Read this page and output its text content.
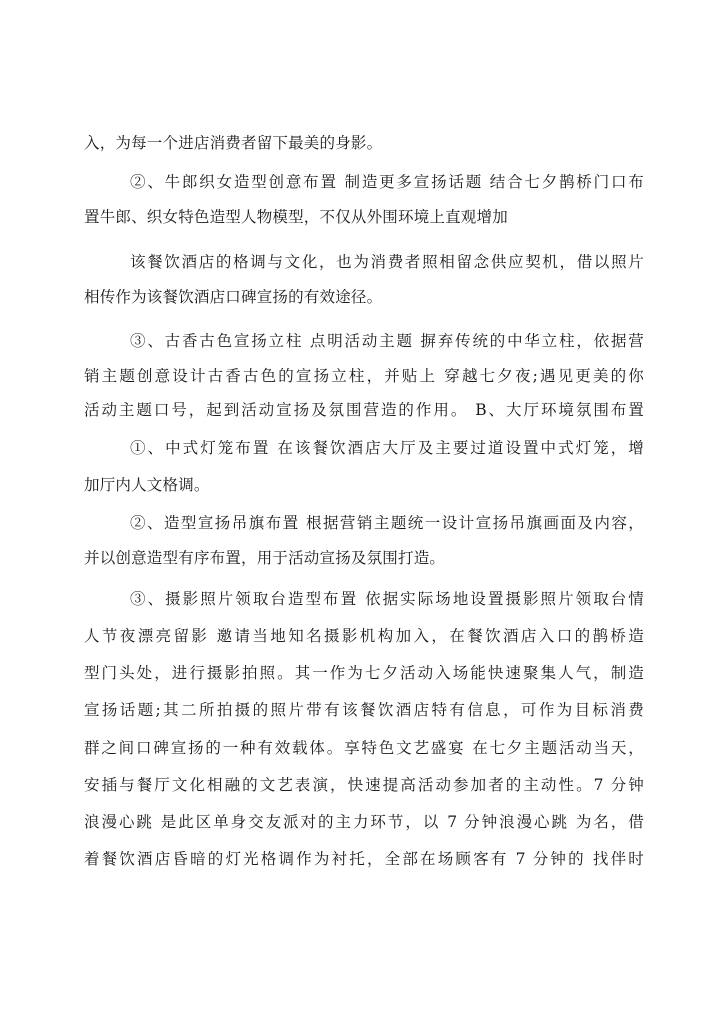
入，为每一个进店消费者留下最美的身影。
②、牛郎织女造型创意布置 制造更多宣扬话题 结合七夕鹊桥门口布
置牛郎、织女特色造型人物模型，不仅从外围环境上直观增加
该餐饮酒店的格调与文化，也为消费者照相留念供应契机，借以照片
相传作为该餐饮酒店口碑宣扬的有效途径。
③、古香古色宣扬立柱 点明活动主题 摒弃传统的中华立柱，依据营
销主题创意设计古香古色的宣扬立柱，并贴上 穿越七夕夜;遇见更美的你
活动主题口号，起到活动宣扬及氛围营造的作用。 B、大厅环境氛围布置
①、中式灯笼布置 在该餐饮酒店大厅及主要过道设置中式灯笼，增
加厅内人文格调。
②、造型宣扬吊旗布置 根据营销主题统一设计宣扬吊旗画面及内容，
并以创意造型有序布置，用于活动宣扬及氛围打造。
③、摄影照片领取台造型布置 依据实际场地设置摄影照片领取台情
人节夜漂亮留影 邀请当地知名摄影机构加入，在餐饮酒店入口的鹊桥造
型门头处，进行摄影拍照。其一作为七夕活动入场能快速聚集人气，制造
宣扬话题;其二所拍摄的照片带有该餐饮酒店特有信息，可作为目标消费
群之间口碑宣扬的一种有效载体。享特色文艺盛宴 在七夕主题活动当天，
安插与餐厅文化相融的文艺表演，快速提高活动参加者的主动性。7 分钟
浪漫心跳 是此区单身交友派对的主力环节，以 7 分钟浪漫心跳 为名，借
着餐饮酒店昏暗的灯光格调作为衬托，全部在场顾客有 7 分钟的 找伴时
